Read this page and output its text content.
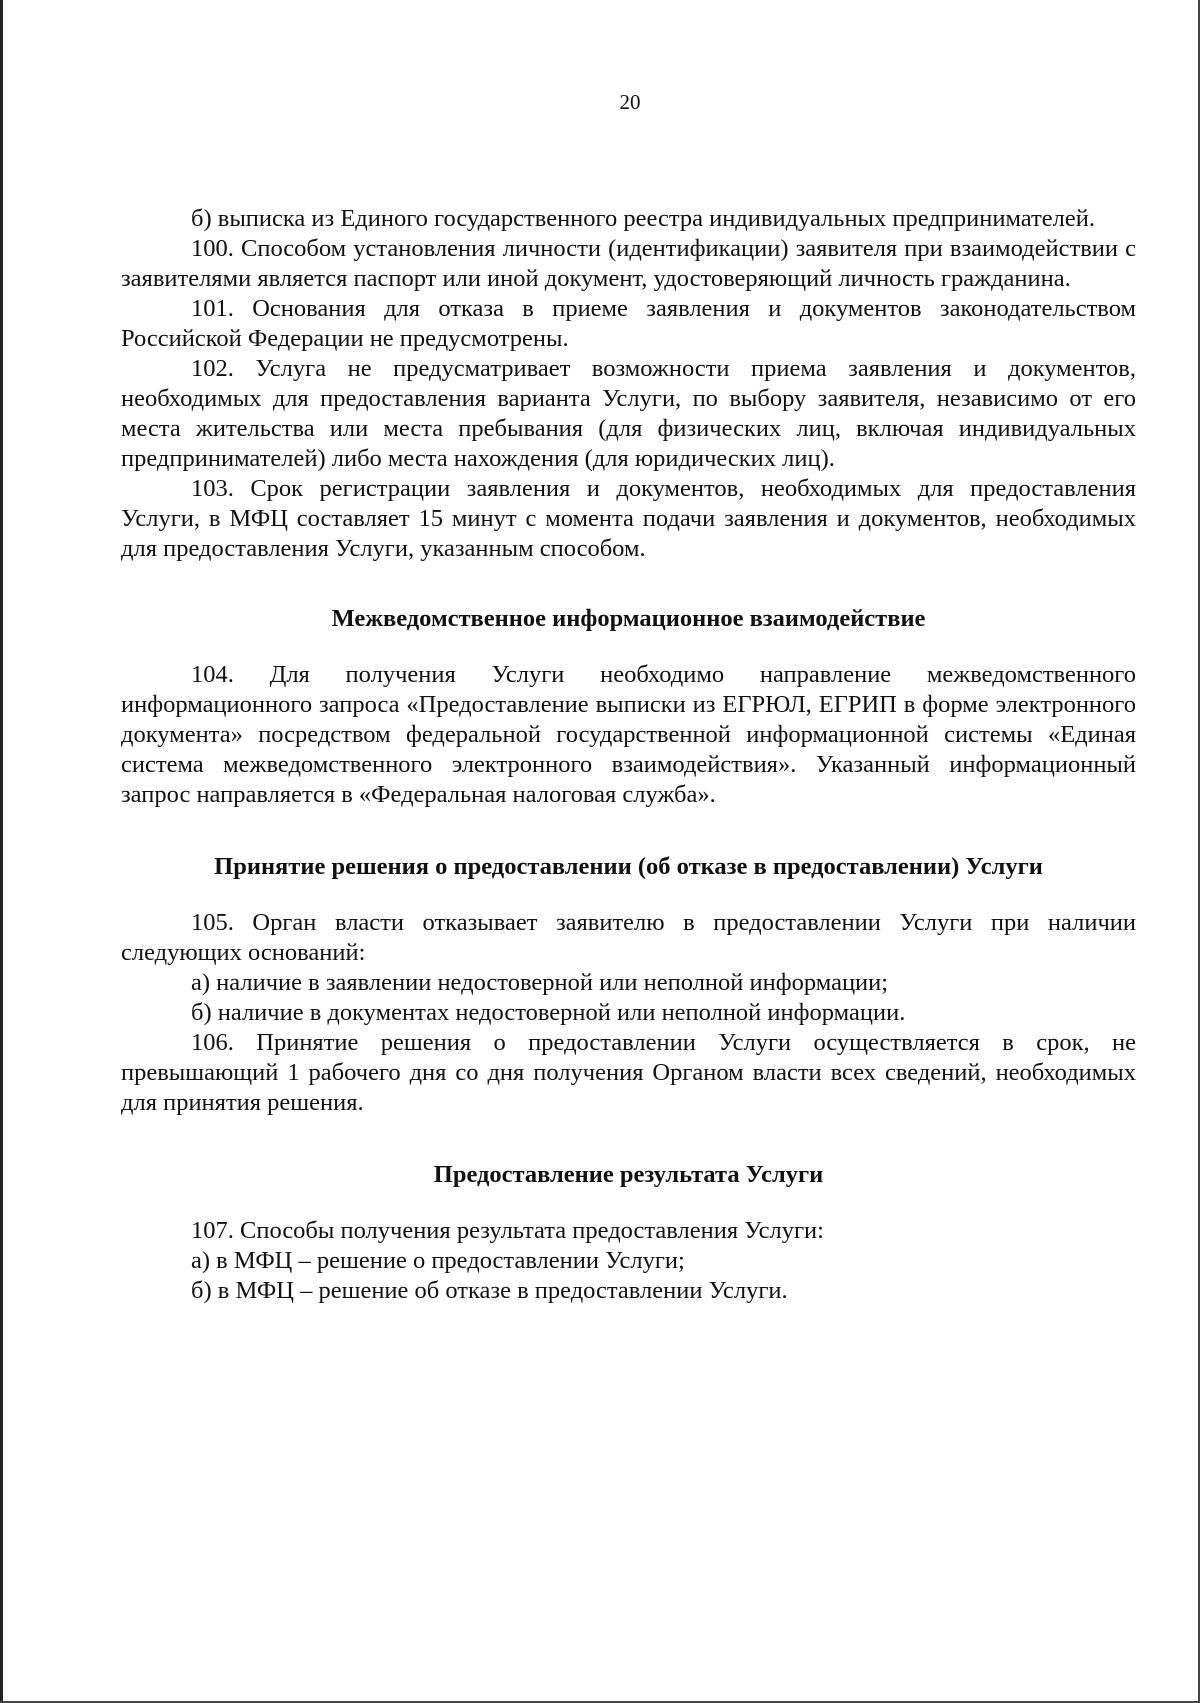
20

б) выписка из Единого государственного реестра индивидуальных предпринимателей.

100. Способом установления личности (идентификации) заявителя при взаимодействии с заявителями является паспорт или иной документ, удостоверяющий личность гражданина.

101. Основания для отказа в приеме заявления и документов законодательством Российской Федерации не предусмотрены.

102. Услуга не предусматривает возможности приема заявления и документов, необходимых для предоставления варианта Услуги, по выбору заявителя, независимо от его места жительства или места пребывания (для физических лиц, включая индивидуальных предпринимателей) либо места нахождения (для юридических лиц).

103. Срок регистрации заявления и документов, необходимых для предоставления Услуги, в МФЦ составляет 15 минут с момента подачи заявления и документов, необходимых для предоставления Услуги, указанным способом.

Межведомственное информационное взаимодействие

104. Для получения Услуги необходимо направление межведомственного информационного запроса «Предоставление выписки из ЕГРЮЛ, ЕГРИП в форме электронного документа» посредством федеральной государственной информационной системы «Единая система межведомственного электронного взаимодействия». Указанный информационный запрос направляется в «Федеральная налоговая служба».

Принятие решения о предоставлении (об отказе в предоставлении) Услуги

105. Орган власти отказывает заявителю в предоставлении Услуги при наличии следующих оснований:

а) наличие в заявлении недостоверной или неполной информации;

б) наличие в документах недостоверной или неполной информации.

106. Принятие решения о предоставлении Услуги осуществляется в срок, не превышающий 1 рабочего дня со дня получения Органом власти всех сведений, необходимых для принятия решения.

Предоставление результата Услуги

107. Способы получения результата предоставления Услуги:

а) в МФЦ – решение о предоставлении Услуги;

б) в МФЦ – решение об отказе в предоставлении Услуги.
